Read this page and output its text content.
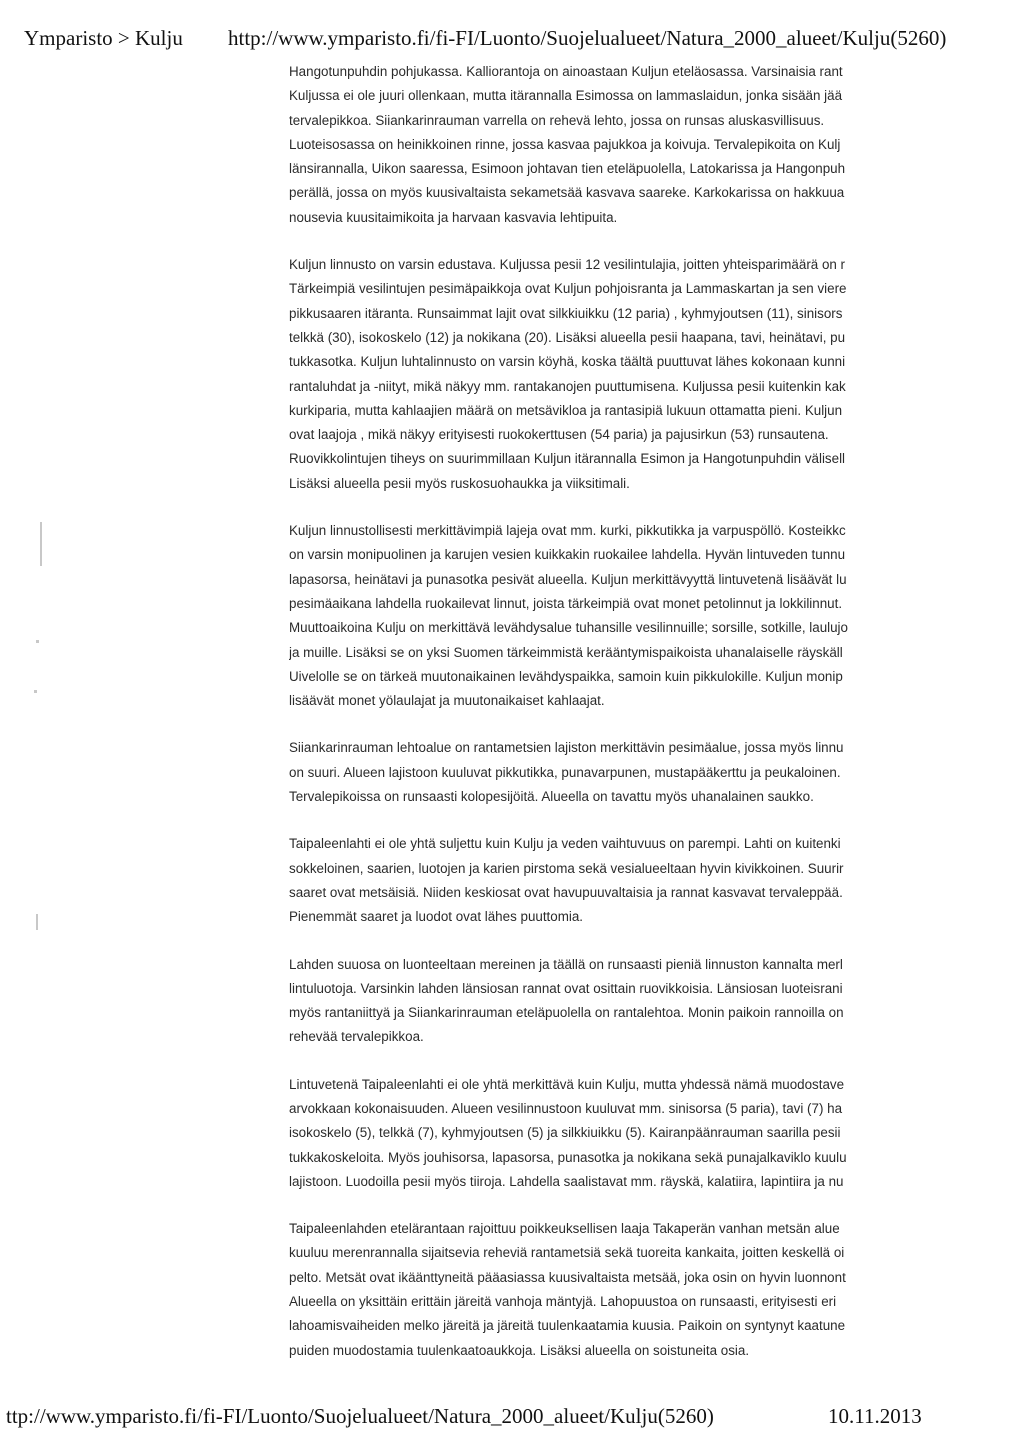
Ymparisto > Kulju http://www.ymparisto.fi/fi-FI/Luonto/Suojelualueet/Natura_2000_alueet/Kulju(5260)
Hangotunpuhdin pohjukassa. Kalliorantoja on ainoastaan Kuljun eteläosassa. Varsinaisia rant
Kuljussa ei ole juuri ollenkaan, mutta itärannalla Esimossa on lammaslaidun, jonka sisään jää
tervalepikkoa. Siiankarinrauman varrella on rehevä lehto, jossa on runsas aluskasvillisuus.
Luoteisosassa on heinikkoinen rinne, jossa kasvaa pajukkoa ja koivuja. Tervalepikoita on Kulj
länsirannalla, Uikon saaressa, Esimoon johtavan tien eteläpuolella, Latokarissa ja Hangonpuh
perällä, jossa on myös kuusivaltaista sekametsää kasvava saareke. Karkokarissa on hakkuua
nousevia kuusitaimikoita ja harvaan kasvavia lehtipuita.
Kuljun linnusto on varsin edustava. Kuljussa pesii 12 vesilintulajia, joitten yhteisparimäärä on r
Tärkeimpiä vesilintujen pesimäpaikkoja ovat Kuljun pohjoisranta ja Lammaskartan ja sen viere
pikkusaaren itäranta. Runsaimmat lajit ovat silkkiuikku (12 paria) , kyhmyjoutsen (11), sinisors
telkkä (30), isokoskelo (12) ja nokikana (20). Lisäksi alueella pesii haapana, tavi, heinätavi, pu
tukkasotka. Kuljun luhtalinnusto on varsin köyhä, koska täältä puuttuvat lähes kokonaan kunni
rantaluhdat ja -niityt, mikä näkyy mm. rantakanojen puuttumisena. Kuljussa pesii kuitenkin kak
kurkiparia, mutta kahlaajien määrä on metsävikloa ja rantasipiä lukuun ottamatta pieni. Kuljun
ovat laajoja , mikä näkyy erityisesti ruokokerttusen (54 paria) ja pajusirkun (53) runsautena.
Ruovikkolintujen tiheys on suurimmillaan Kuljun itärannalla Esimon ja Hangotunpuhdin välisell
Lisäksi alueella pesii myös ruskosuohaukka ja viiksitimali.
Kuljun linnustollisesti merkittävimpiä lajeja ovat mm. kurki, pikkutikka ja varpuspöllö. Kosteikkc
on varsin monipuolinen ja karujen vesien kuikkakin ruokailee lahdella. Hyvän lintuveden tunnu
lapasorsa, heinätavi ja punasotka pesivät alueella. Kuljun merkittävyyttä lintuvetenä lisäävät lu
pesimäaikana lahdella ruokailevat linnut, joista tärkeimpiä ovat monet petolinnut ja lokkilinnut.
Muuttoaikoina Kulju on merkittävä levähdysalue tuhansille vesilinnuille; sorsille, sotkille, laulujo
ja muille. Lisäksi se on yksi Suomen tärkeimmistä kerääntymispaikoista uhanalaiselle räyskäll
Uivelolle se on tärkeä muutonaikainen levähdyspaikka, samoin kuin pikkulokille. Kuljun monip
lisäävät monet yölaulajat ja muutonaikaiset kahlaajat.
Siiankarinrauman lehtoalue on rantametsien lajiston merkittävin pesimäalue, jossa myös linnu
on suuri. Alueen lajistoon kuuluvat pikkutikka, punavarpunen, mustapääkerttu ja peukaloinen.
Tervalepikoissa on runsaasti kolopesijöitä. Alueella on tavattu myös uhanalainen saukko.
Taipaleenlahti ei ole yhtä suljettu kuin Kulju ja veden vaihtuvuus on parempi. Lahti on kuitenki
sokkeloinen, saarien, luotojen ja karien pirstoma sekä vesialueeltaan hyvin kivikkoinen. Suurir
saaret ovat metsäisiä. Niiden keskiosat ovat havupuuvaltaisia ja rannat kasvavat tervaleppää.
Pienemmät saaret ja luodot ovat lähes puuttomia.
Lahden suuosa on luonteeltaan mereinen ja täällä on runsaasti pieniä linnuston kannalta merl
lintuluotoja. Varsinkin lahden länsiosan rannat ovat osittain ruovikkoisia. Länsiosan luoteisrani
myös rantaniittyä ja Siiankarinrauman eteläpuolella on rantalehtoa. Monin paikoin rannoilla on
rehevää tervalepikkoa.
Lintuvetenä Taipaleenlahti ei ole yhtä merkittävä kuin Kulju, mutta yhdessä nämä muodostave
arvokkaan kokonaisuuden. Alueen vesilinnustoon kuuluvat mm. sinisorsa (5 paria), tavi (7) ha
isokoskelo (5), telkkä (7), kyhmyjoutsen (5) ja silkkiuikku (5). Kairanpäänrauman saarilla pesii
tukkakoskeloita. Myös jouhisorsa, lapasorsa, punasotka ja nokikana sekä punajalkaviklo kuulu
lajistoon. Luodoilla pesii myös tiiroja. Lahdella saalistavat mm. räyskä, kalatiira, lapintiira ja nu
Taipaleenlahden etelärantaan rajoittuu poikkeuksellisen laaja Takaperän vanhan metsän alue
kuuluu merenrannalla sijaitsevia reheviä rantametsiä sekä tuoreita kankaita, joitten keskellä oi
pelto. Metsät ovat ikäänttyneitä pääasiassa kuusivaltaista metsää, joka osin on hyvin luonnont
Alueella on yksittäin erittäin järeitä vanhoja mäntyjä. Lahopuustoa on runsaasti, erityisesti eri
lahoamisvaiheiden melko järeitä ja järeitä tuulenkaatamia kuusia. Paikoin on syntynyt kaatune
puiden muodostamia tuulenkaatoaukkoja. Lisäksi alueella on soistuneita osia.
ttp://www.ymparisto.fi/fi-FI/Luonto/Suojelualueet/Natura_2000_alueet/Kulju(5260)	10.11.2013
